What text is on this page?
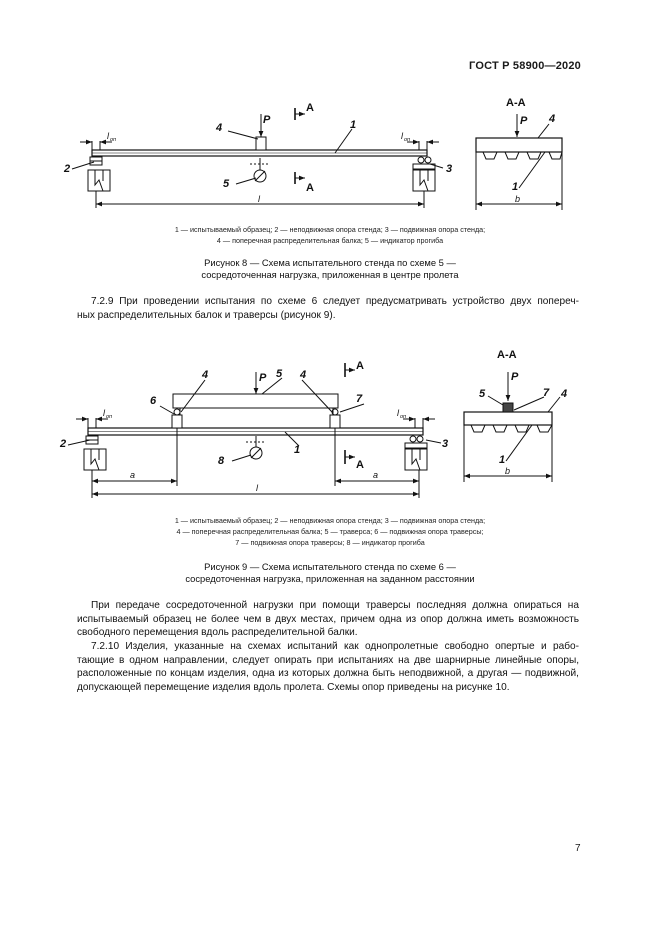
ГОСТ Р 58900—2020
4
P	1
2	3
5
А
А
l
l оп	l оп
А-А
P 4
1
b
1 — испытываемый образец; 2 — неподвижная опора стенда; 3 — подвижная опора стенда;
4 — поперечная распределительная балка; 5 — индикатор прогиба
Рисунок 8 — Схема испытательного стенда по схеме 5 —
сосредоточенная нагрузка, приложенная в центре пролета
7.2.9 При проведении испытания по схеме 6 следует предусматривать устройство двух попереч-
ных распределительных балок и траверсы (рисунок 9).
4	P 5 4
6	7
1
2	3
8
А
А
a	a
l
l оп	l оп
А-А
P
5	7 4
1
b
1 — испытываемый образец; 2 — неподвижная опора стенда; 3 — подвижная опора стенда;
4 — поперечная распределительная балка; 5 — траверса; 6 — подвижная опора траверсы;
7 — подвижная опора траверсы; 8 — индикатор прогиба
Рисунок 9 — Схема испытательного стенда по схеме 6 —
сосредоточенная нагрузка, приложенная на заданном расстоянии
При передаче сосредоточенной нагрузки при помощи траверсы последняя должна опираться на
испытываемый образец не более чем в двух местах, причем одна из опор должна иметь возможность
свободного перемещения вдоль распределительной балки.
7.2.10 Изделия, указанные на схемах испытаний как однопролетные свободно опертые и рабо-
тающие в одном направлении, следует опирать при испытаниях на две шарнирные линейные опоры,
расположенные по концам изделия, одна из которых должна быть неподвижной, а другая — подвижной,
допускающей перемещение изделия вдоль пролета. Схемы опор приведены на рисунке 10.
7
